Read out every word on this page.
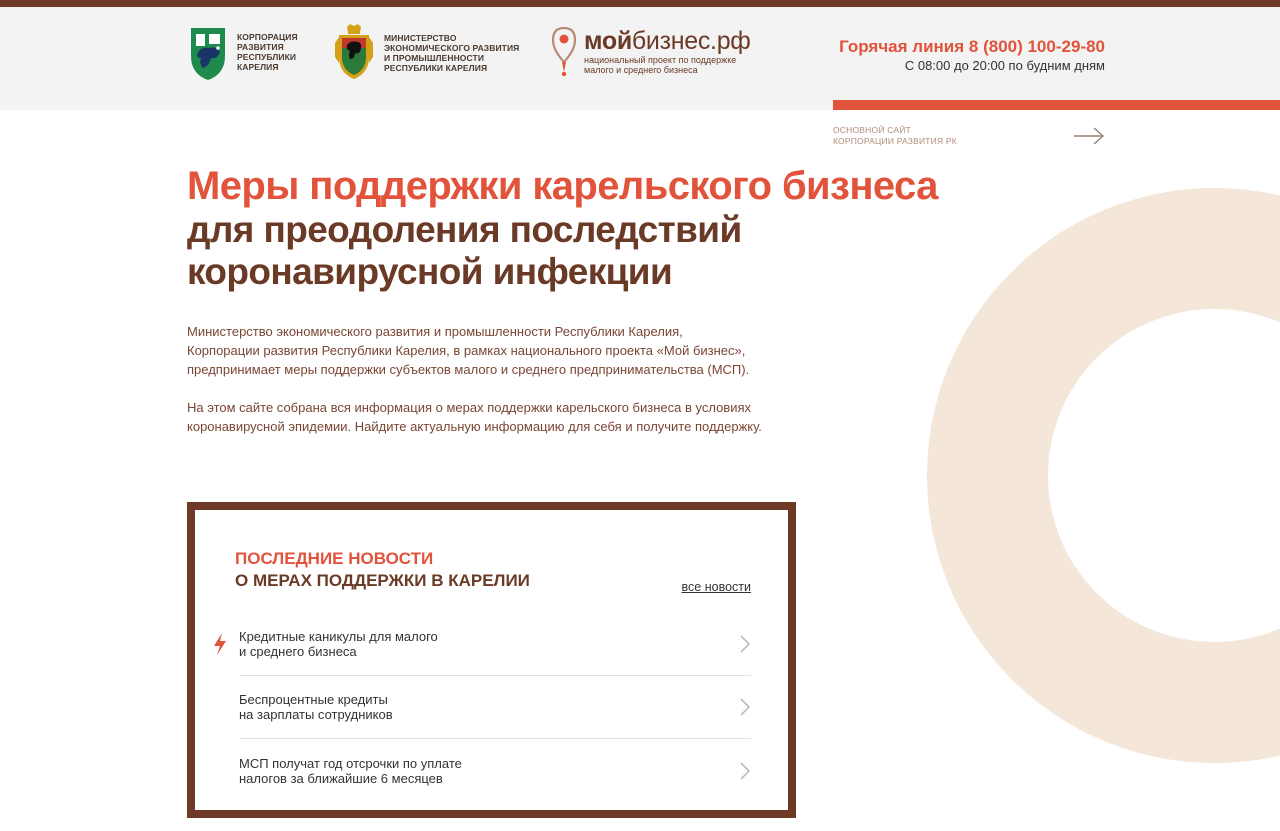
КОРПОРАЦИЯ
РАЗВИТИЯ
РЕСПУБЛИКИ
КАРЕЛИЯ
МИНИСТЕРСТВО
ЭКОНОМИЧЕСКОГО РАЗВИТИЯ
И ПРОМЫШЛЕННОСТИ
РЕСПУБЛИКИ КАРЕЛИЯ
мойбизнес.рф
национальный проект по поддержке
малого и среднего бизнеса
Горячая линия 8 (800) 100-29-80
С 08:00 до 20:00 по будним дням
ОСНОВНОЙ САЙТ
КОРПОРАЦИИ РАЗВИТИЯ РК
Меры поддержки карельского бизнеса
для преодоления последствий
коронавирусной инфекции

Министерство экономического развития и промышленности Республики Карелия,
Корпорации развития Республики Карелия, в рамках национального проекта «Мой бизнес»,
предпринимает меры поддержки субъектов малого и среднего предпринимательства (МСП).

На этом сайте собрана вся информация о мерах поддержки карельского бизнеса в условиях
коронавирусной эпидемии. Найдите актуальную информацию для себя и получите поддержку.

ПОСЛЕДНИЕ НОВОСТИ
О МЕРАХ ПОДДЕРЖКИ В КАРЕЛИИ	все новости
Кредитные каникулы для малого
и среднего бизнеса
Беспроцентные кредиты
на зарплаты сотрудников
МСП получат год отсрочки по уплате
налогов за ближайшие 6 месяцев
